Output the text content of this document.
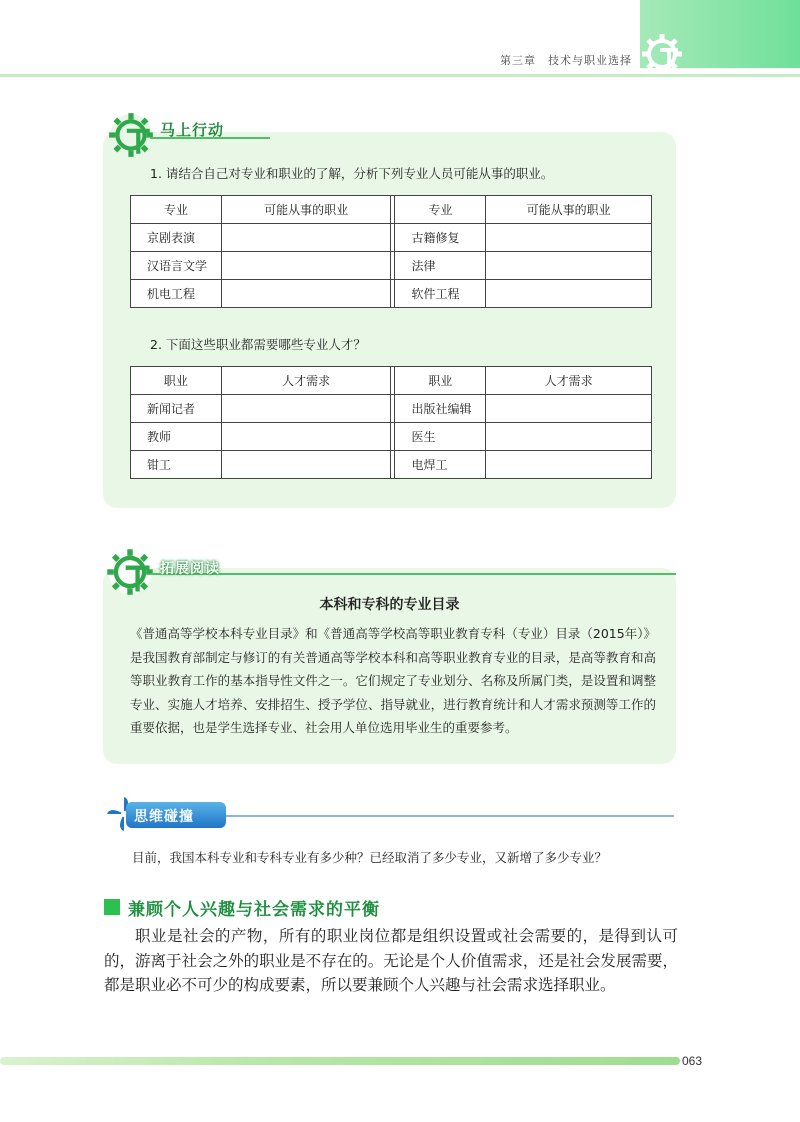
第三章　技术与职业选择
马上行动
1. 请结合自己对专业和职业的了解，分析下列专业人员可能从事的职业。
专业	可能从事的职业		专业	可能从事的职业
京剧表演			古籍修复	
汉语言文学			法律	
机电工程			软件工程	
2. 下面这些职业都需要哪些专业人才？
职业	人才需求		职业	人才需求
新闻记者			出版社编辑	
教师			医生	
钳工			电焊工	
拓展阅读
本科和专科的专业目录
《普通高等学校本科专业目录》和《普通高等学校高等职业教育专科（专业）目录（2015年）》是我国教育部制定与修订的有关普通高等学校本科和高等职业教育专业的目录，是高等教育和高等职业教育工作的基本指导性文件之一。它们规定了专业划分、名称及所属门类，是设置和调整专业、实施人才培养、安排招生、授予学位、指导就业，进行教育统计和人才需求预测等工作的重要依据，也是学生选择专业、社会用人单位选用毕业生的重要参考。
思维碰撞
目前，我国本科专业和专科专业有多少种？已经取消了多少专业，又新增了多少专业？
兼顾个人兴趣与社会需求的平衡
职业是社会的产物，所有的职业岗位都是组织设置或社会需要的，是得到认可的，游离于社会之外的职业是不存在的。无论是个人价值需求，还是社会发展需要，都是职业必不可少的构成要素，所以要兼顾个人兴趣与社会需求选择职业。
063
